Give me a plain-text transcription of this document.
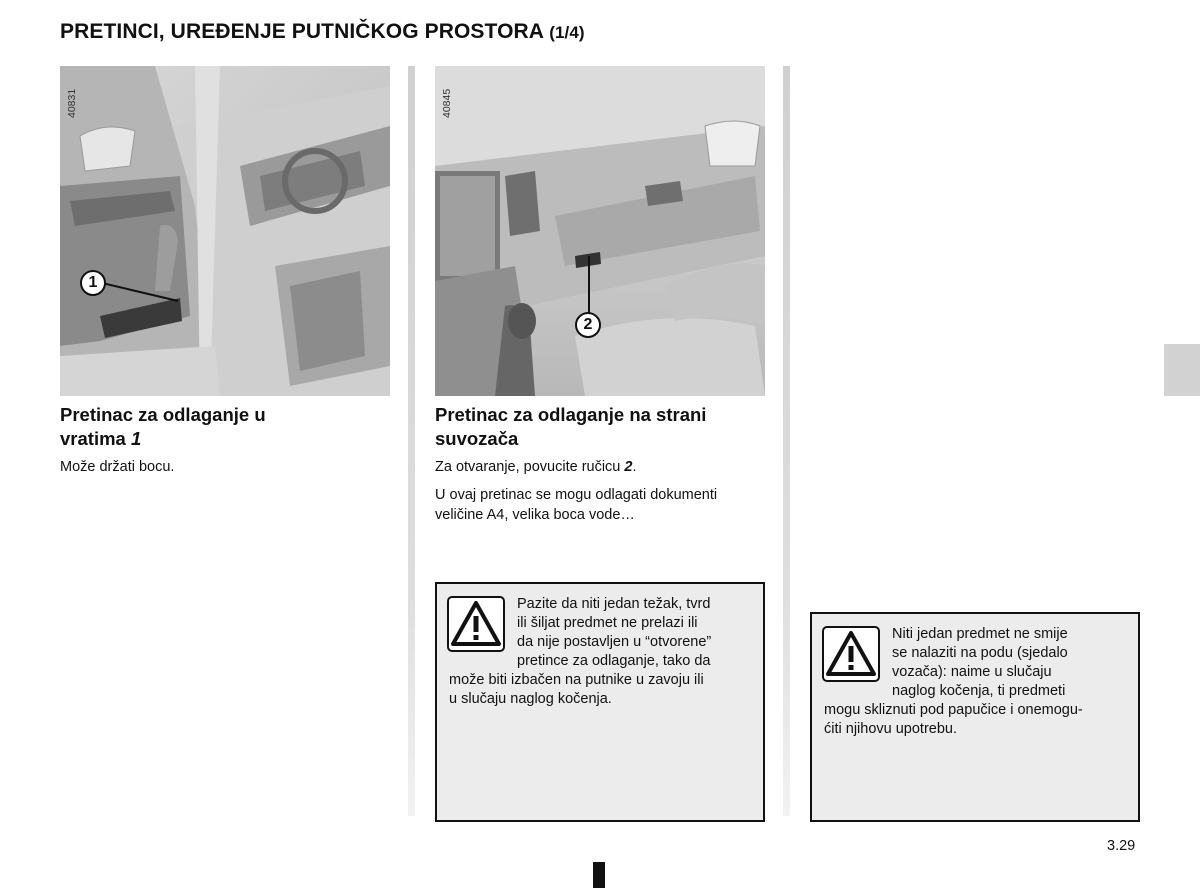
PRETINCI, UREĐENJE PUTNIČKOG PROSTORA (1/4)
40831
1
40845
2
Pretinac za odlaganje u
vratima 1
Može držati bocu.
Pretinac za odlaganje na strani
suvozača
Za otvaranje, povucite ručicu 2.
U ovaj pretinac se mogu odlagati dokumenti
veličine A4, velika boca vode…
Pazite da niti jedan težak, tvrd
ili šiljat predmet ne prelazi ili
da nije postavljen u “otvorene”
pretince za odlaganje, tako da
može biti izbačen na putnike u zavoju ili
u slučaju naglog kočenja.
Niti jedan predmet ne smije
se nalaziti na podu (sjedalo
vozača): naime u slučaju
naglog kočenja, ti predmeti
mogu skliznuti pod papučice i onemogu-
ćiti njihovu upotrebu.
3.29
